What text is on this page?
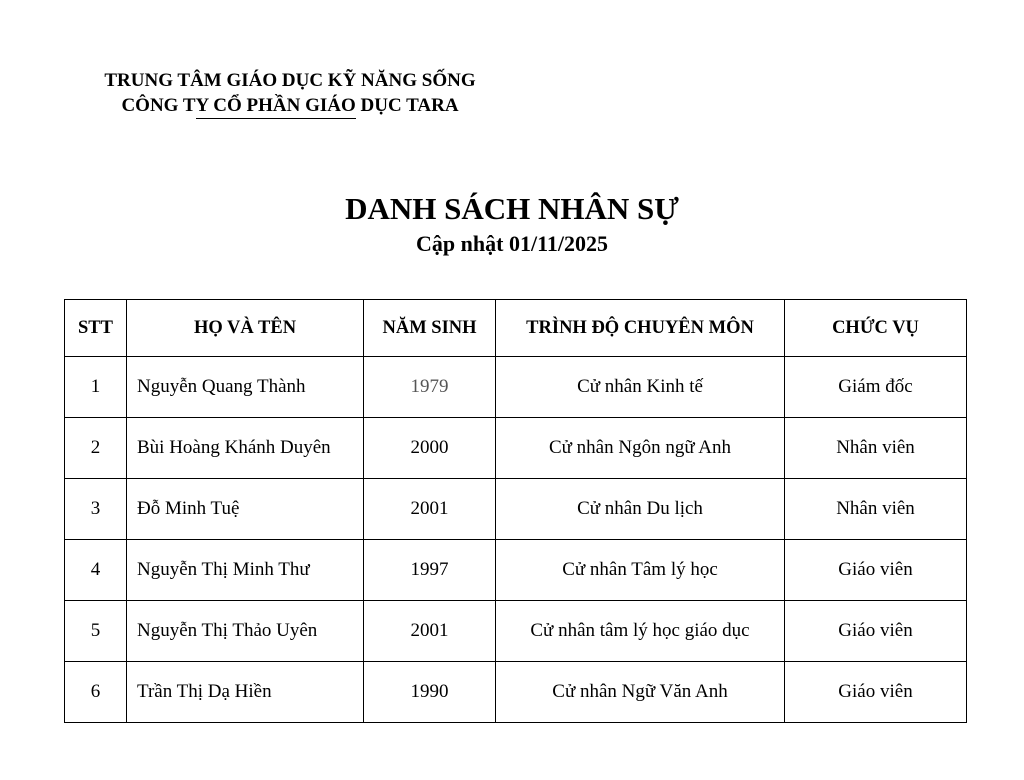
TRUNG TÂM GIÁO DỤC KỸ NĂNG SỐNG

CÔNG TY CỔ PHẦN GIÁO DỤC TARA
DANH SÁCH NHÂN SỰ
Cập nhật 01/11/2025
STT	HỌ VÀ TÊN	NĂM SINH	TRÌNH ĐỘ CHUYÊN MÔN	CHỨC VỤ
1	Nguyễn Quang Thành	1979	Cử nhân Kinh tế	Giám đốc
2	Bùi Hoàng Khánh Duyên	2000	Cử nhân Ngôn ngữ Anh	Nhân viên
3	Đỗ Minh Tuệ	2001	Cử nhân Du lịch	Nhân viên
4	Nguyễn Thị Minh Thư	1997	Cử nhân Tâm lý học	Giáo viên
5	Nguyễn Thị Thảo Uyên	2001	Cử nhân tâm lý học giáo dục	Giáo viên
6	Trần Thị Dạ Hiền	1990	Cử nhân Ngữ Văn Anh	Giáo viên
